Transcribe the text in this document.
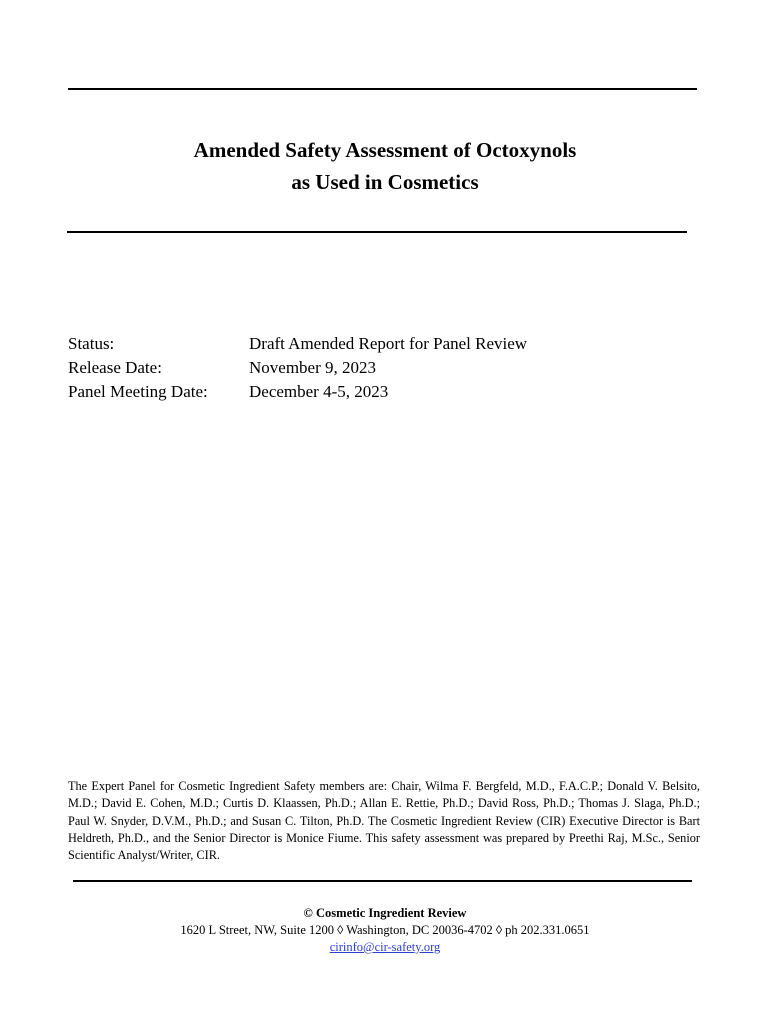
Amended Safety Assessment of Octoxynols
as Used in Cosmetics
Status:	Draft Amended Report for Panel Review
Release Date:	November 9, 2023
Panel Meeting Date: December 4-5, 2023
The Expert Panel for Cosmetic Ingredient Safety members are: Chair, Wilma F. Bergfeld, M.D., F.A.C.P.; Donald V. Belsito, M.D.; David E. Cohen, M.D.; Curtis D. Klaassen, Ph.D.; Allan E. Rettie, Ph.D.; David Ross, Ph.D.; Thomas J. Slaga, Ph.D.; Paul W. Snyder, D.V.M., Ph.D.; and Susan C. Tilton, Ph.D. The Cosmetic Ingredient Review (CIR) Executive Director is Bart Heldreth, Ph.D., and the Senior Director is Monice Fiume. This safety assessment was prepared by Preethi Raj, M.Sc., Senior Scientific Analyst/Writer, CIR.
© Cosmetic Ingredient Review
1620 L Street, NW, Suite 1200 ◊ Washington, DC 20036-4702 ◊ ph 202.331.0651
cirinfo@cir-safety.org
